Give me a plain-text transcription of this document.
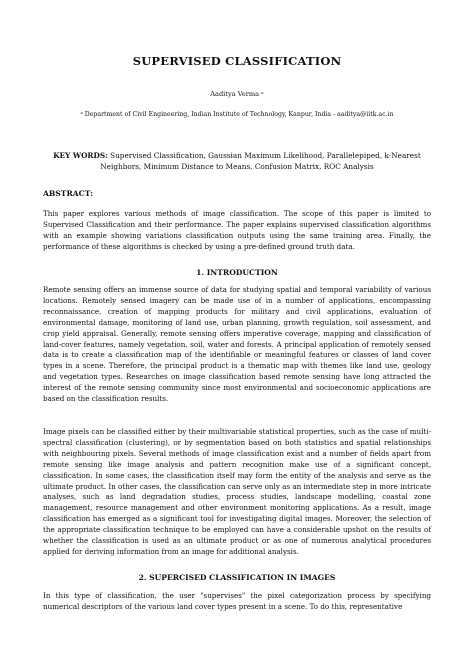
SUPERVISED CLASSIFICATION
Aaditya Verma ᵃ
ᵃ Department of Civil Engineering, Indian Institute of Technology, Kanpur, India - aaditya@iitk.ac.in
KEY WORDS: Supervised Classification, Gaussian Maximum Likelihood, Parallelepiped, k-Nearest Neighbors, Minimum Distance to Means, Confusion Matrix, ROC Analysis
ABSTRACT:

This paper explores various methods of image classification. The scope of this paper is limited to Supervised Classification and their performance. The paper explains supervised classification algorithms with an example showing variations classification outputs using the same training area. Finally, the performance of these algorithms is checked by using a pre-defined ground truth data.

1. INTRODUCTION

Remote sensing offers an immense source of data for studying spatial and temporal variability of various locations. Remotely sensed imagery can be made use of in a number of applications, encompassing reconnaissance, creation of mapping products for military and civil applications, evaluation of environmental damage, monitoring of land use, urban planning, growth regulation, soil assessment, and crop yield appraisal. Generally, remote sensing offers imperative coverage, mapping and classification of land-cover features, namely vegetation, soil, water and forests. A principal application of remotely sensed data is to create a classification map of the identifiable or meaningful features or classes of land cover types in a scene. Therefore, the principal product is a thematic map with themes like land use, geology and vegetation types. Researches on image classification based remote sensing have long attracted the interest of the remote sensing community since most environmental and socioeconomic applications are based on the classification results.

Image pixels can be classified either by their multivariable statistical properties, such as the case of multi-spectral classification (clustering), or by segmentation based on both statistics and spatial relationships with neighbouring pixels. Several methods of image classification exist and a number of fields apart from remote sensing like image analysis and pattern recognition make use of a significant concept, classification. In some cases, the classification itself may form the entity of the analysis and serve as the ultimate product. In other cases, the classification can serve only as an intermediate step in more intricate analyses, such as land degradation studies, process studies, landscape modelling, coastal zone management, resource management and other environment monitoring applications. As a result, image classification has emerged as a significant tool for investigating digital images. Moreover, the selection of the appropriate classification technique to be employed can have a considerable upshot on the results of whether the classification is used as an ultimate product or as one of numerous analytical procedures applied for deriving information from an image for additional analysis.

2. SUPERCISED CLASSIFICATION IN IMAGES

In this type of classification, the user "supervises" the pixel categorization process by specifying numerical descriptors of the various land cover types present in a scene. To do this, representative
